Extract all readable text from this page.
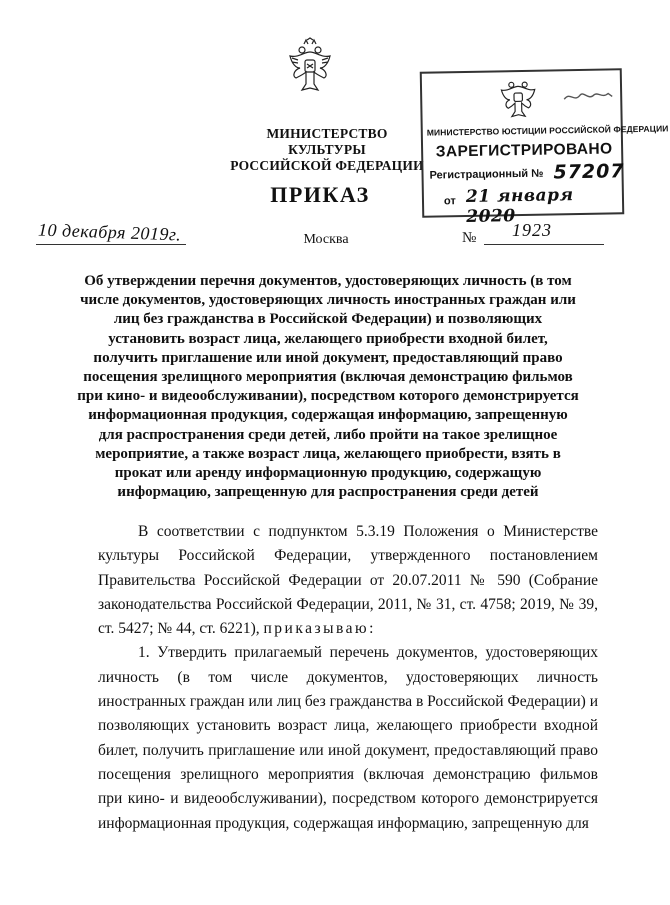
МИНИСТЕРСТВО КУЛЬТУРЫ
РОССИЙСКОЙ ФЕДЕРАЦИИ
МИНИСТЕРСТВО ЮСТИЦИИ РОССИЙСКОЙ ФЕДЕРАЦИИ
ЗАРЕГИСТРИРОВАНО
Регистрационный № 57207
от 21 января 2020
ПРИКАЗ
10 декабря 2019г.	Москва	№ 1923
Об утверждении перечня документов, удостоверяющих личность (в том числе документов, удостоверяющих личность иностранных граждан или лиц без гражданства в Российской Федерации) и позволяющих установить возраст лица, желающего приобрести входной билет, получить приглашение или иной документ, предоставляющий право посещения зрелищного мероприятия (включая демонстрацию фильмов при кино- и видеообслуживании), посредством которого демонстрируется информационная продукция, содержащая информацию, запрещенную для распространения среди детей, либо пройти на такое зрелищное мероприятие, а также возраст лица, желающего приобрести, взять в прокат или аренду информационную продукцию, содержащую информацию, запрещенную для распространения среди детей

В соответствии с подпунктом 5.3.19 Положения о Министерстве культуры Российской Федерации, утвержденного постановлением Правительства Российской Федерации от 20.07.2011 № 590 (Собрание законодательства Российской Федерации, 2011, № 31, ст. 4758; 2019, № 39, ст. 5427; № 44, ст. 6221), приказываю:

1. Утвердить прилагаемый перечень документов, удостоверяющих личность (в том числе документов, удостоверяющих личность иностранных граждан или лиц без гражданства в Российской Федерации) и позволяющих установить возраст лица, желающего приобрести входной билет, получить приглашение или иной документ, предоставляющий право посещения зрелищного мероприятия (включая демонстрацию фильмов при кино- и видеообслуживании), посредством которого демонстрируется информационная продукция, содержащая информацию, запрещенную для
